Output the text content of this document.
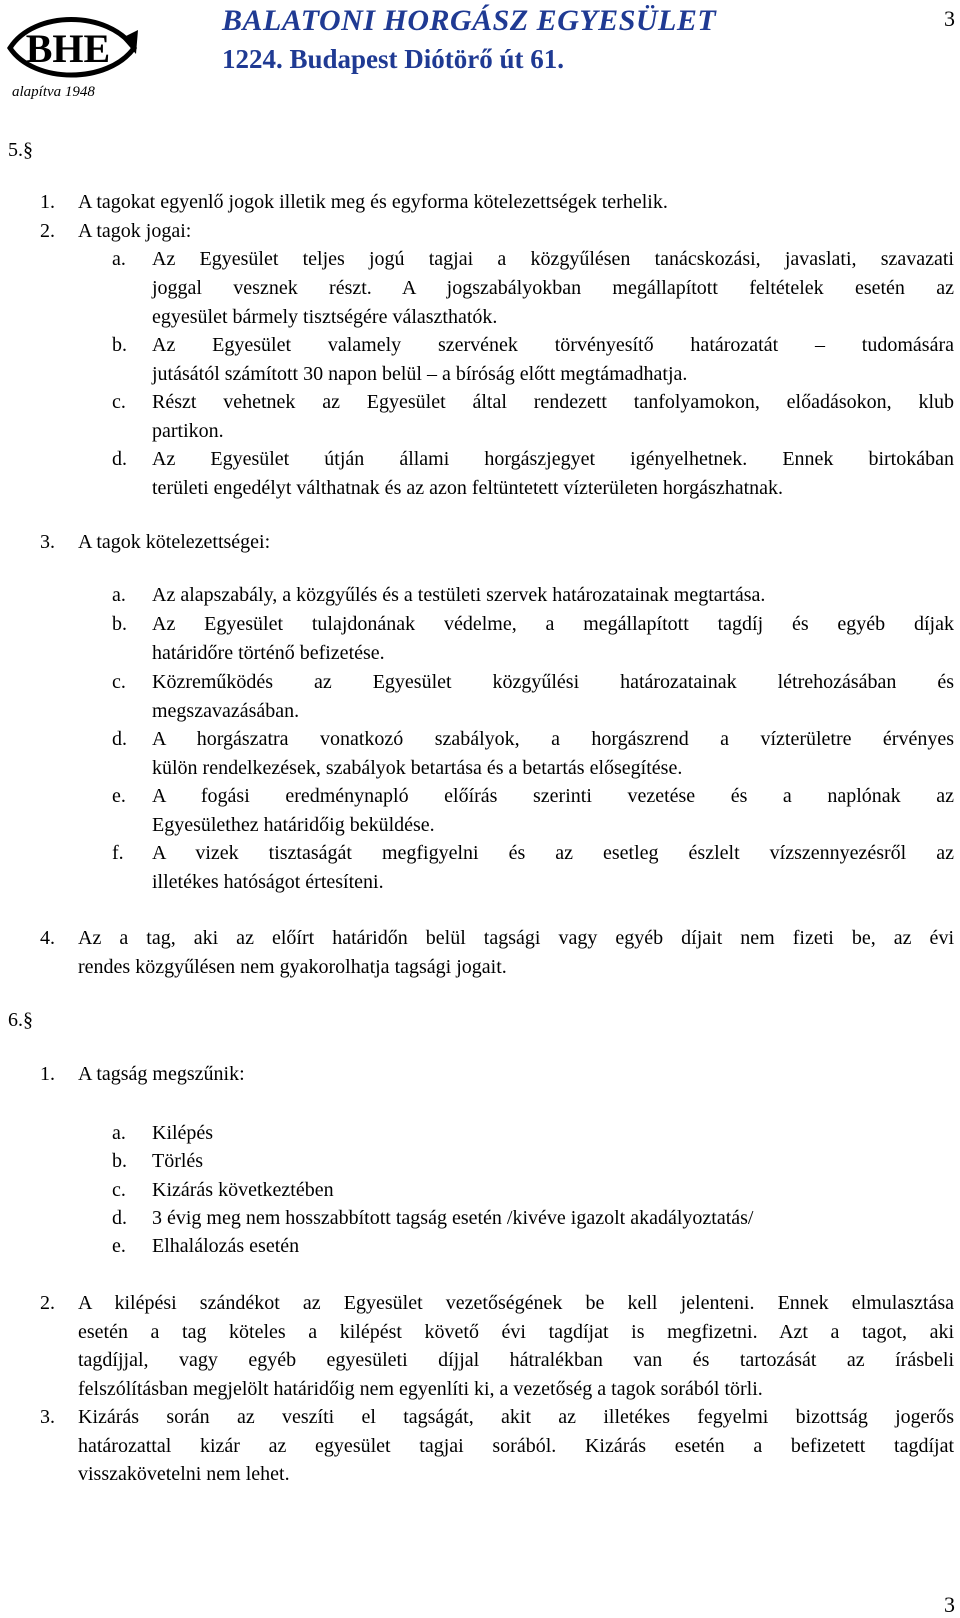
BHE
alapítva 1948
BALATONI HORGÁSZ EGYESÜLET
1224. Budapest Diótörő út 61.
3
5.§
1. A tagokat egyenlő jogok illetik meg és egyforma kötelezettségek terhelik.
2. A tagok jogai:
a. Az Egyesület teljes jogú tagjai a közgyűlésen tanácskozási, javaslati, szavazati
joggal vesznek részt. A jogszabályokban megállapított feltételek esetén az
egyesület bármely tisztségére választhatók.
b. Az Egyesület valamely szervének törvényesítő határozatát – tudomására
jutásától számított 30 napon belül – a bíróság előtt megtámadhatja.
c. Részt vehetnek az Egyesület által rendezett tanfolyamokon, előadásokon, klub
partikon.
d. Az Egyesület útján állami horgászjegyet igényelhetnek. Ennek birtokában
területi engedélyt válthatnak és az azon feltüntetett vízterületen horgászhatnak.
3. A tagok kötelezettségei:
a. Az alapszabály, a közgyűlés és a testületi szervek határozatainak megtartása.
b. Az Egyesület tulajdonának védelme, a megállapított tagdíj és egyéb díjak
határidőre történő befizetése.
c. Közreműködés az Egyesület közgyűlési határozatainak létrehozásában és
megszavazásában.
d. A horgászatra vonatkozó szabályok, a horgászrend a vízterületre érvényes
külön rendelkezések, szabályok betartása és a betartás elősegítése.
e. A fogási eredménynapló előírás szerinti vezetése és a naplónak az
Egyesülethez határidőig beküldése.
f. A vizek tisztaságát megfigyelni és az esetleg észlelt vízszennyezésről az
illetékes hatóságot értesíteni.
4. Az a tag, aki az előírt határidőn belül tagsági vagy egyéb díjait nem fizeti be, az évi
rendes közgyűlésen nem gyakorolhatja tagsági jogait.
6.§
1. A tagság megszűnik:
a. Kilépés
b. Törlés
c. Kizárás következtében
d. 3 évig meg nem hosszabbított tagság esetén /kivéve igazolt akadályoztatás/
e. Elhalálozás esetén
2. A kilépési szándékot az Egyesület vezetőségének be kell jelenteni. Ennek elmulasztása
esetén a tag köteles a kilépést követő évi tagdíjat is megfizetni. Azt a tagot, aki
tagdíjjal, vagy egyéb egyesületi díjjal hátralékban van és tartozását az írásbeli
felszólításban megjelölt határidőig nem egyenlíti ki, a vezetőség a tagok sorából törli.
3. Kizárás során az veszíti el tagságát, akit az illetékes fegyelmi bizottság jogerős
határozattal kizár az egyesület tagjai sorából. Kizárás esetén a befizetett tagdíjat
visszakövetelni nem lehet.
3
